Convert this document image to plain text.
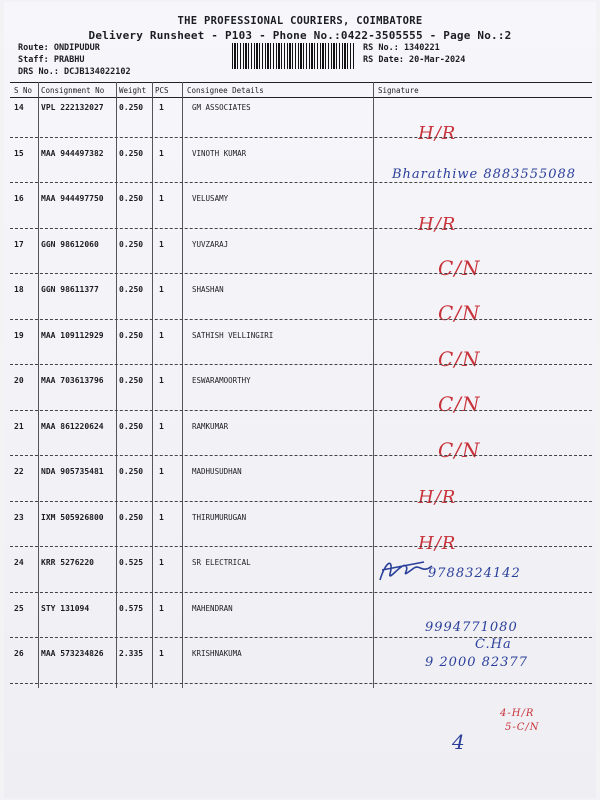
THE PROFESSIONAL COURIERS, COIMBATORE
Delivery Runsheet - P103 - Phone No.:0422-3505555 - Page No.:2
Route: ONDIPUDUR
Staff: PRABHU
DRS No.: DCJB134022102
RS No.: 1340221
RS Date: 20-Mar-2024
S No Consignment No Weight PCS Consignee Details	Signature
14 VPL 222132027 0.250 1	GM ASSOCIATES
H/R
15 MAA 944497382 0.250 1	VINOTH KUMAR
Bharathiwe 8883555088
16 MAA 944497750 0.250 1	VELUSAMY
H/R
17 GGN 98612060	0.250 1	YUVZARAJ
C/N
18 GGN 98611377	0.250 1	SHASHAN
C/N
19 MAA 109112929 0.250 1	SATHISH VELLINGIRI
C/N
20 MAA 703613796 0.250 1	ESWARAMOORTHY
C/N
21 MAA 861220624 0.250 1	RAMKUMAR
C/N
22 NDA 905735481 0.250 1	MADHUSUDHAN
H/R
23 IXM 505926800 0.250 1	THIRUMURUGAN
H/R
24 KRR 5276220	0.525 1	SR ELECTRICAL
9788324142
25 STY 131094	0.575 1	MAHENDRAN
9994771080
26 MAA 573234826 2.335 1	KRISHNAKUMA
C.Ha
9 2000 82377
4-H/R
5-C/N
4
